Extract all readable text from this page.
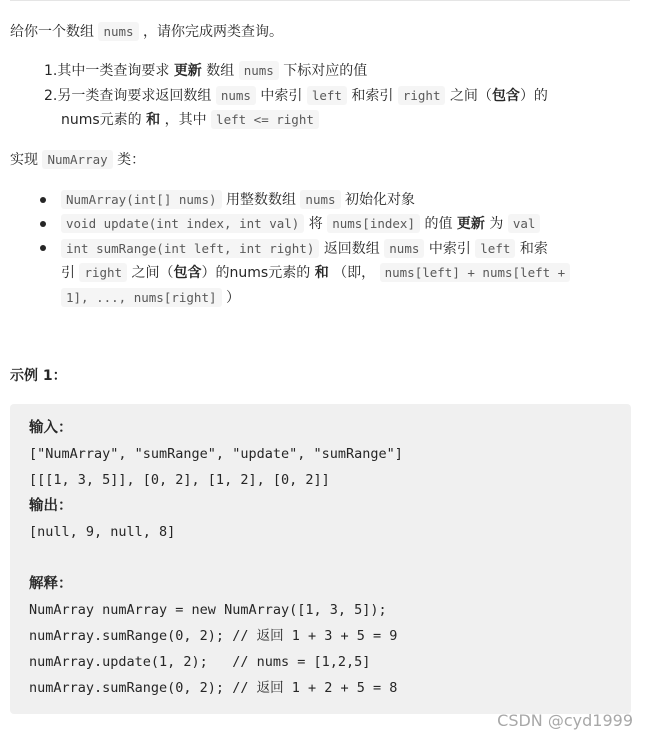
给你一个数组 nums ，请你完成两类查询。
1.其中一类查询要求 更新 数组 nums 下标对应的值
2.另一类查询要求返回数组 nums 中索引 left 和索引 right 之间（包含）的
nums元素的 和 ，其中 left <= right
实现 NumArray 类：
NumArray(int[] nums) 用整数数组 nums 初始化对象
void update(int index, int val) 将 nums[index] 的值 更新 为 val
int sumRange(int left, int right) 返回数组 nums 中索引 left 和索
引 right 之间（包含）的nums元素的 和 （即， nums[left] + nums[left +
1], ..., nums[right] ）
示例 1：
输入：
["NumArray", "sumRange", "update", "sumRange"]
[[[1, 3, 5]], [0, 2], [1, 2], [0, 2]]
输出：
[null, 9, null, 8]
解释：
NumArray numArray = new NumArray([1, 3, 5]);
numArray.sumRange(0, 2); // 返回 1 + 3 + 5 = 9
numArray.update(1, 2);   // nums = [1,2,5]
numArray.sumRange(0, 2); // 返回 1 + 2 + 5 = 8
CSDN @cyd1999
